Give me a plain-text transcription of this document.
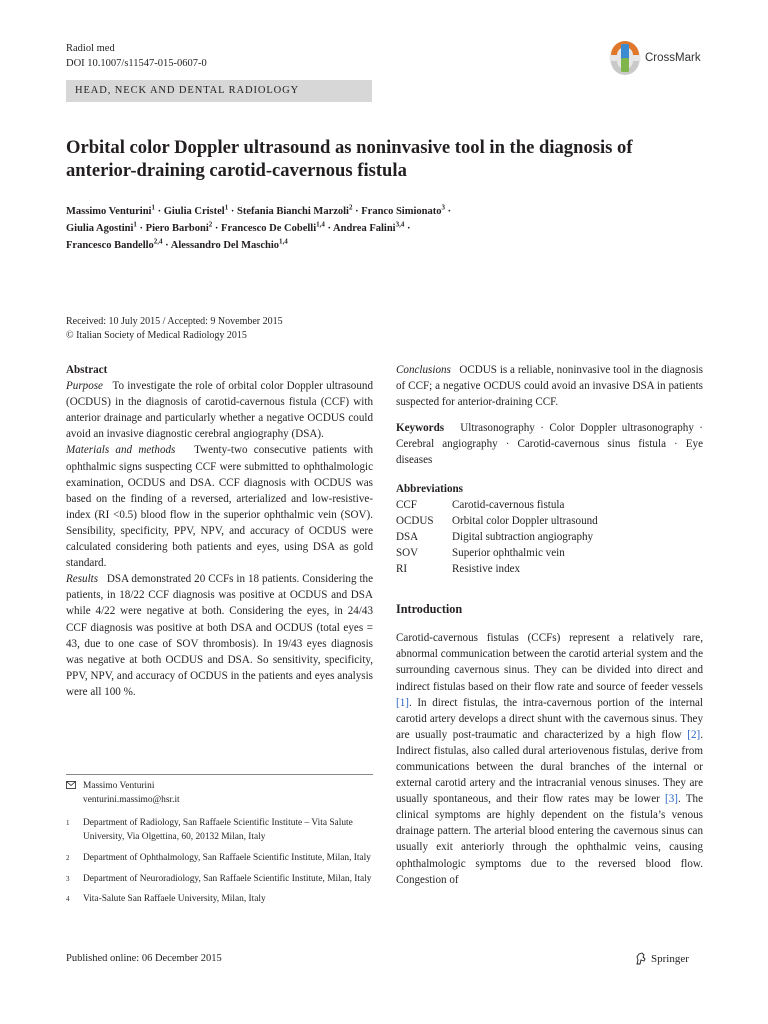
Radiol med
DOI 10.1007/s11547-015-0607-0	CrossMark
HEAD, NECK AND DENTAL RADIOLOGY
Orbital color Doppler ultrasound as noninvasive tool in the diagnosis of anterior-draining carotid-cavernous fistula
Massimo Venturini$^1$ · Giulia Cristel$^1$ · Stefania Bianchi Marzoli$^2$ · Franco Simionato$^3$ ·
Giulia Agostini$^1$ · Piero Barboni$^2$ · Francesco De Cobelli$^{1,4}$ · Andrea Falini$^{3,4}$ ·
Francesco Bandello$^{2,4}$ · Alessandro Del Maschio$^{1,4}$
Received: 10 July 2015 / Accepted: 9 November 2015
© Italian Society of Medical Radiology 2015
Abstract

Purpose To investigate the role of orbital color Doppler ultrasound (OCDUS) in the diagnosis of carotid-cavernous fistula (CCF) with anterior drainage and particularly whether a negative OCDUS could avoid an invasive diagnostic cerebral angiography (DSA).

Materials and methods Twenty-two consecutive patients with ophthalmic signs suspecting CCF were submitted to ophthalmologic examination, OCDUS and DSA. CCF diagnosis with OCDUS was based on the finding of a reversed, arterialized and low-resistive-index (RI <0.5) blood flow in the superior ophthalmic vein (SOV). Sensibility, specificity, PPV, NPV, and accuracy of OCDUS were calculated considering both patients and eyes, using DSA as gold standard.

Results DSA demonstrated 20 CCFs in 18 patients. Considering the patients, in 18/22 CCF diagnosis was positive at OCDUS and DSA while 4/22 were negative at both. Considering the eyes, in 24/43 CCF diagnosis was positive at both DSA and OCDUS (total eyes = 43, due to one case of SOV thrombosis). In 19/43 eyes diagnosis was negative at both OCDUS and DSA. So sensitivity, specificity, PPV, NPV, and accuracy of OCDUS in the patients and eyes analysis were all 100 %.

Conclusions OCDUS is a reliable, noninvasive tool in the diagnosis of CCF; a negative OCDUS could avoid an invasive DSA in patients suspected for anterior-draining CCF.

Keywords Ultrasonography · Color Doppler ultrasonography · Cerebral angiography · Carotid-cavernous sinus fistula · Eye diseases

Abbreviations
CCF	Carotid-cavernous fistula
OCDUS	Orbital color Doppler ultrasound
DSA	Digital subtraction angiography
SOV	Superior ophthalmic vein
RI	Resistive index
Introduction

Carotid-cavernous fistulas (CCFs) represent a relatively rare, abnormal communication between the carotid arterial system and the surrounding cavernous sinus. They can be divided into direct and indirect fistulas based on their flow rate and source of feeder vessels [1]. In direct fistulas, the intra-cavernous portion of the internal carotid artery develops a direct shunt with the cavernous sinus. They are usually post-traumatic and characterized by a high flow [2]. Indirect fistulas, also called dural arteriovenous fistulas, derive from communications between the dural branches of the internal or external carotid artery and the intracranial venous sinuses. They are usually spontaneous, and their flow rates may be lower [3]. The clinical symptoms are highly dependent on the fistula’s venous drainage pattern. The arterial blood entering the cavernous sinus can usually exit anteriorly through the ophthalmic veins, causing ophthalmologic symptoms due to the reversed blood flow. Congestion of

Massimo Venturini
venturini.massimo@hsr.it
1	Department of Radiology, San Raffaele Scientific Institute – Vita Salute University, Via Olgettina, 60, 20132 Milan, Italy
2	Department of Ophthalmology, San Raffaele Scientific Institute, Milan, Italy
3	Department of Neuroradiology, San Raffaele Scientific Institute, Milan, Italy
4	Vita-Salute San Raffaele University, Milan, Italy
Published online: 06 December 2015	Springer
